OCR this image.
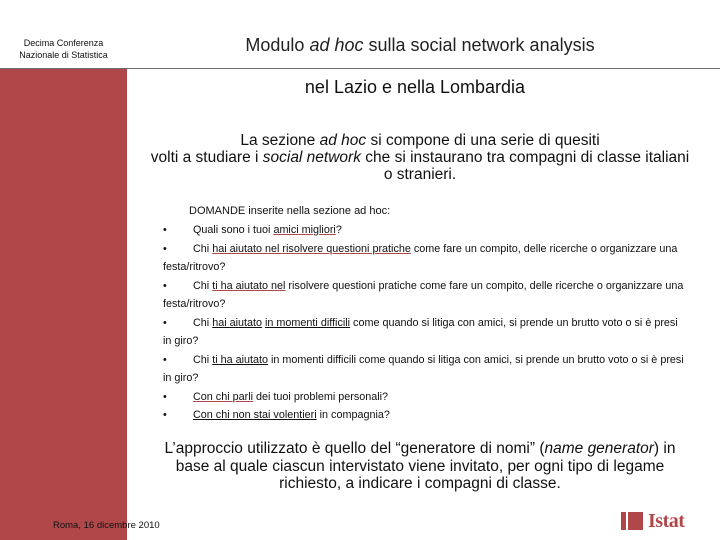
Decima Conferenza
Nazionale di Statistica	Modulo ad hoc sulla social network analysis
nel Lazio e nella Lombardia
La sezione ad hoc si compone di una serie di quesiti
volti a studiare i social network che si instaurano tra compagni di classe italiani o stranieri.
DOMANDE inserite nella sezione ad hoc:
• Quali sono i tuoi amici migliori?
• Chi hai aiutato nel risolvere questioni pratiche come fare un compito, delle ricerche o organizzare una festa/ritrovo?
• Chi ti ha aiutato nel risolvere questioni pratiche come fare un compito, delle ricerche o organizzare una festa/ritrovo?
• Chi hai aiutato in momenti difficili come quando si litiga con amici, si prende un brutto voto o si è presi in giro?
• Chi ti ha aiutato in momenti difficili come quando si litiga con amici, si prende un brutto voto o si è presi in giro?
• Con chi parli dei tuoi problemi personali?
• Con chi non stai volentieri in compagnia?
L’approccio utilizzato è quello del “generatore di nomi” (name generator) in base al quale ciascun intervistato viene invitato, per ogni tipo di legame richiesto, a indicare i compagni di classe.
Roma, 16 dicembre 2010	Istat
